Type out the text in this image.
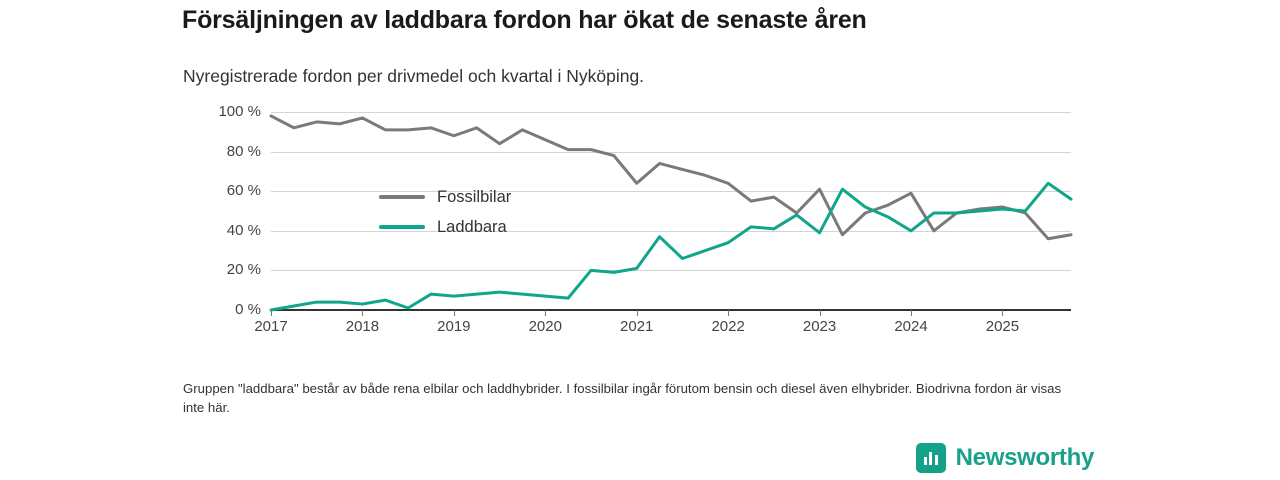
Försäljningen av laddbara fordon har ökat de senaste åren
Nyregistrerade fordon per drivmedel och kvartal i Nyköping.
0 %
20 %
40 %
60 %
80 %
100 %
2017	2018	2019	2020	2021	2022	2023	2024	2025
Fossilbilar
Laddbara
Gruppen "laddbara" består av både rena elbilar och laddhybrider. I fossilbilar ingår förutom bensin och diesel även elhybrider. Biodrivna fordon är visas inte här.
Newsworthy
